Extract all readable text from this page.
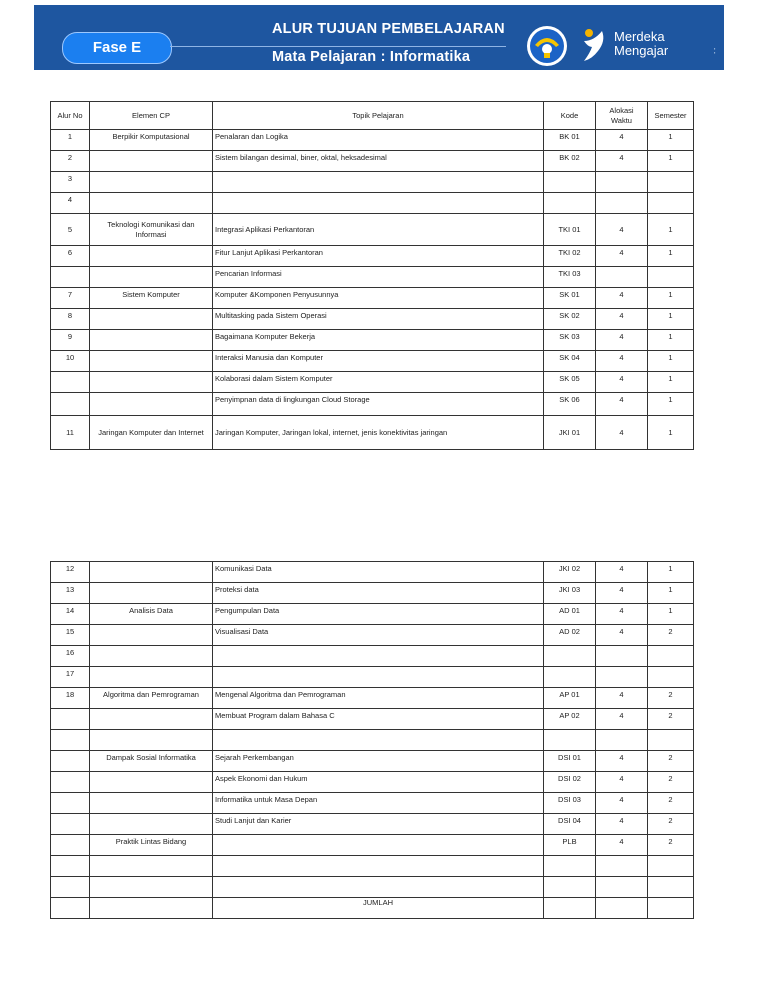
Fase E
ALUR TUJUAN PEMBELAJARAN
Mata Pelajaran : Informatika
Merdeka
Mengajar	▪
▪
Alur No	Elemen CP	Topik Pelajaran	Kode	Alokasi Waktu	Semester
1	Berpikir Komputasional	Penalaran dan Logika	BK 01	4	1
2		Sistem bilangan desimal, biner, oktal, heksadesimal	BK 02	4	1
3					
4					
5	Teknologi Komunikasi dan Informasi	Integrasi Aplikasi Perkantoran	TKI 01	4	1
6		Fitur Lanjut Aplikasi Perkantoran	TKI 02	4	1
		Pencarian Informasi	TKI 03		
7	Sistem Komputer	Komputer &Komponen Penyusunnya	SK 01	4	1
8		Multitasking pada Sistem Operasi	SK 02	4	1
9		Bagaimana Komputer Bekerja	SK 03	4	1
10		Interaksi Manusia dan Komputer	SK 04	4	1
		Kolaborasi dalam Sistem Komputer	SK 05	4	1
		Penyimpnan data di lingkungan Cloud Storage	SK 06	4	1
11	Jaringan Komputer dan Internet	Jaringan Komputer, Jaringan lokal, internet, jenis konektivitas jaringan	JKI 01	4	1
12		Komunikasi Data	JKI 02	4	1
13		Proteksi data	JKI 03	4	1
14	Analisis Data	Pengumpulan Data	AD 01	4	1
15		Visualisasi Data	AD 02	4	2
16					
17					
18	Algoritma dan Pemrograman	Mengenal Algoritma dan Pemrograman	AP 01	4	2
		Membuat Program dalam Bahasa C	AP 02	4	2

	Dampak Sosial Informatika	Sejarah Perkembangan	DSI 01	4	2
		Aspek Ekonomi dan Hukum	DSI 02	4	2
		Informatika untuk Masa Depan	DSI 03	4	2
		Studi Lanjut dan Karier	DSI 04	4	2
	Praktik Lintas Bidang		PLB	4	2

		JUMLAH			
